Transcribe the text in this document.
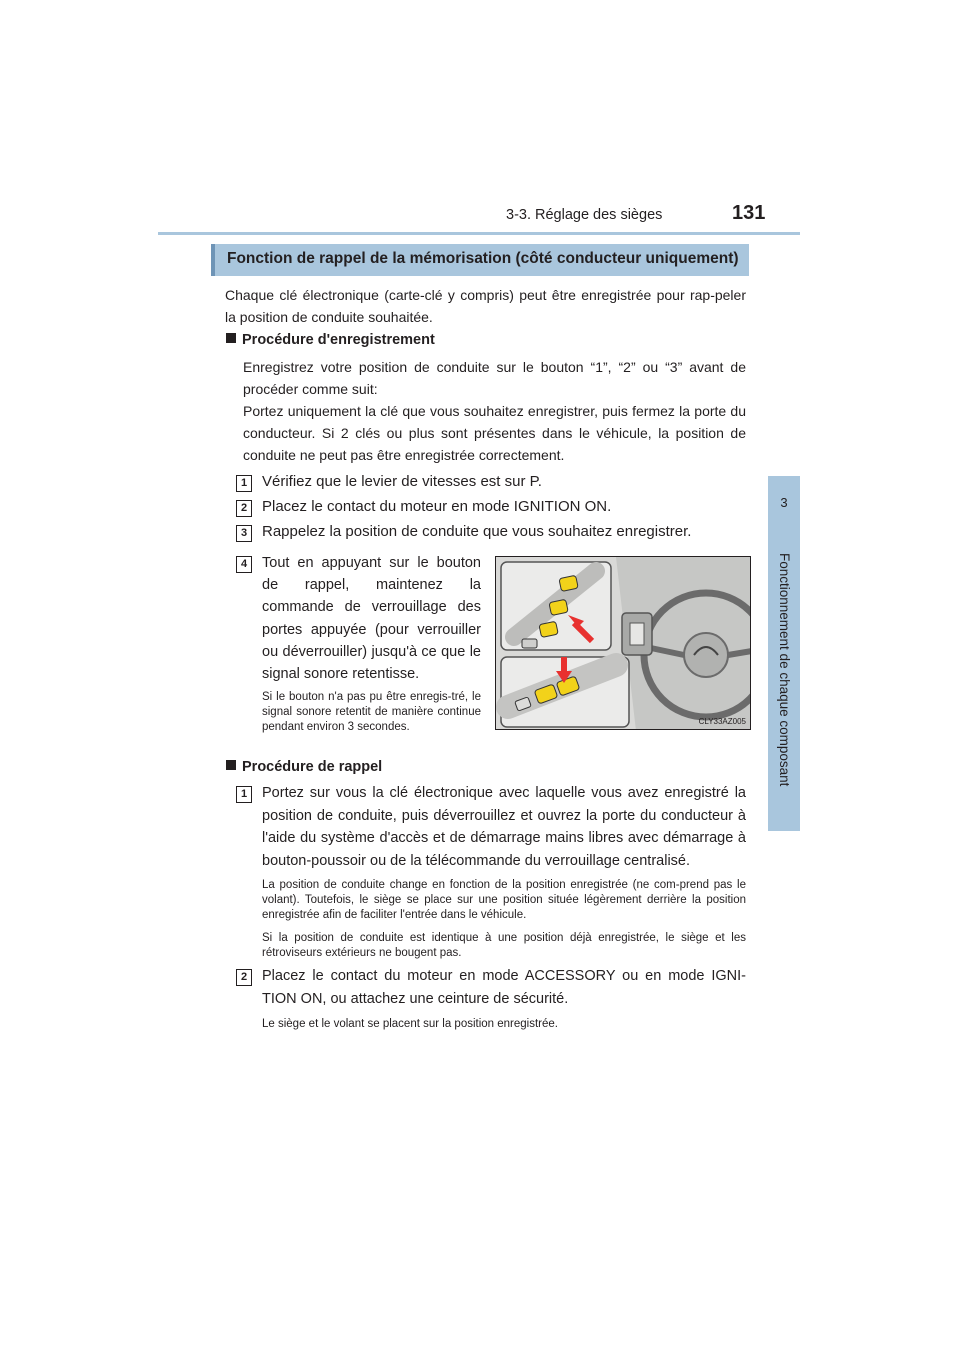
3-3. Réglage des sièges	131
3
Fonctionnement de chaque composant
Fonction de rappel de la mémorisation (côté conducteur uniquement)
Chaque clé électronique (carte-clé y compris) peut être enregistrée pour rap-peler la position de conduite souhaitée.
Procédure d'enregistrement
Enregistrez votre position de conduite sur le bouton “1”, “2” ou “3” avant de procéder comme suit:
Portez uniquement la clé que vous souhaitez enregistrer, puis fermez la porte du conducteur. Si 2 clés ou plus sont présentes dans le véhicule, la position de conduite ne peut pas être enregistrée correctement.
1 Vérifiez que le levier de vitesses est sur P.
2 Placez le contact du moteur en mode IGNITION ON.
3 Rappelez la position de conduite que vous souhaitez enregistrer.
4	Tout en appuyant sur le bouton de rappel, maintenez la commande de verrouillage des portes appuyée (pour verrouiller ou déverrouiller) jusqu'à ce que le signal sonore retentisse.
Si le bouton n'a pas pu être enregis-tré, le signal sonore retentit de manière continue pendant environ 3 secondes.	CLY33AZ005
Procédure de rappel
1	Portez sur vous la clé électronique avec laquelle vous avez enregistré la position de conduite, puis déverrouillez et ouvrez la porte du conducteur à l'aide du système d'accès et de démarrage mains libres avec démarrage à bouton-poussoir ou de la télécommande du verrouillage centralisé.
La position de conduite change en fonction de la position enregistrée (ne com-prend pas le volant). Toutefois, le siège se place sur une position située légèrement derrière la position enregistrée afin de faciliter l'entrée dans le véhicule.
Si la position de conduite est identique à une position déjà enregistrée, le siège et les rétroviseurs extérieurs ne bougent pas.
2	Placez le contact du moteur en mode ACCESSORY ou en mode IGNI-TION ON, ou attachez une ceinture de sécurité.
Le siège et le volant se placent sur la position enregistrée.
